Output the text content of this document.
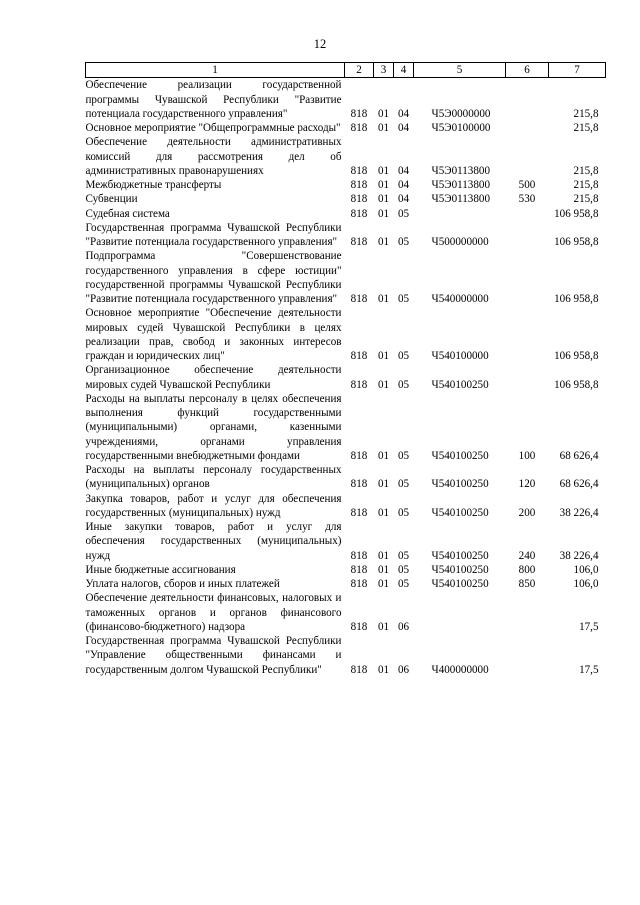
12
1	2	3	4	5	6	7
Обеспечение реализации государственной программы Чувашской Республики "Развитие потенциала государственного управления"	818	01	04	Ч5Э0000000		215,8
Основное мероприятие "Общепрограммные расходы"	818	01	04	Ч5Э0100000		215,8
Обеспечение деятельности административных комиссий для рассмотрения дел об административных правонарушениях	818	01	04	Ч5Э0113800		215,8
Межбюджетные трансферты	818	01	04	Ч5Э0113800	500	215,8
Субвенции	818	01	04	Ч5Э0113800	530	215,8
Судебная система	818	01	05			106 958,8
Государственная программа Чувашской Республики "Развитие потенциала государственного управления"	818	01	05	Ч500000000		106 958,8
Подпрограмма "Совершенствование государственного управления в сфере юстиции" государственной программы Чувашской Республики "Развитие потенциала государственного управления"	818	01	05	Ч540000000		106 958,8
Основное мероприятие "Обеспечение деятельности мировых судей Чувашской Республики в целях реализации прав, свобод и законных интересов граждан и юридических лиц"	818	01	05	Ч540100000		106 958,8
Организационное обеспечение деятельности мировых судей Чувашской Республики	818	01	05	Ч540100250		106 958,8
Расходы на выплаты персоналу в целях обеспечения выполнения функций государственными (муниципальными) органами, казенными учреждениями, органами управления государственными внебюджетными фондами	818	01	05	Ч540100250	100	68 626,4
Расходы на выплаты персоналу государственных (муниципальных) органов	818	01	05	Ч540100250	120	68 626,4
Закупка товаров, работ и услуг для обеспечения государственных (муниципальных) нужд	818	01	05	Ч540100250	200	38 226,4
Иные закупки товаров, работ и услуг для обеспечения государственных (муниципальных) нужд	818	01	05	Ч540100250	240	38 226,4
Иные бюджетные ассигнования	818	01	05	Ч540100250	800	106,0
Уплата налогов, сборов и иных платежей	818	01	05	Ч540100250	850	106,0
Обеспечение деятельности финансовых, налоговых и таможенных органов и органов финансового (финансово-бюджетного) надзора	818	01	06			17,5
Государственная программа Чувашской Республики "Управление общественными финансами и государственным долгом Чувашской Республики"	818	01	06	Ч400000000		17,5
